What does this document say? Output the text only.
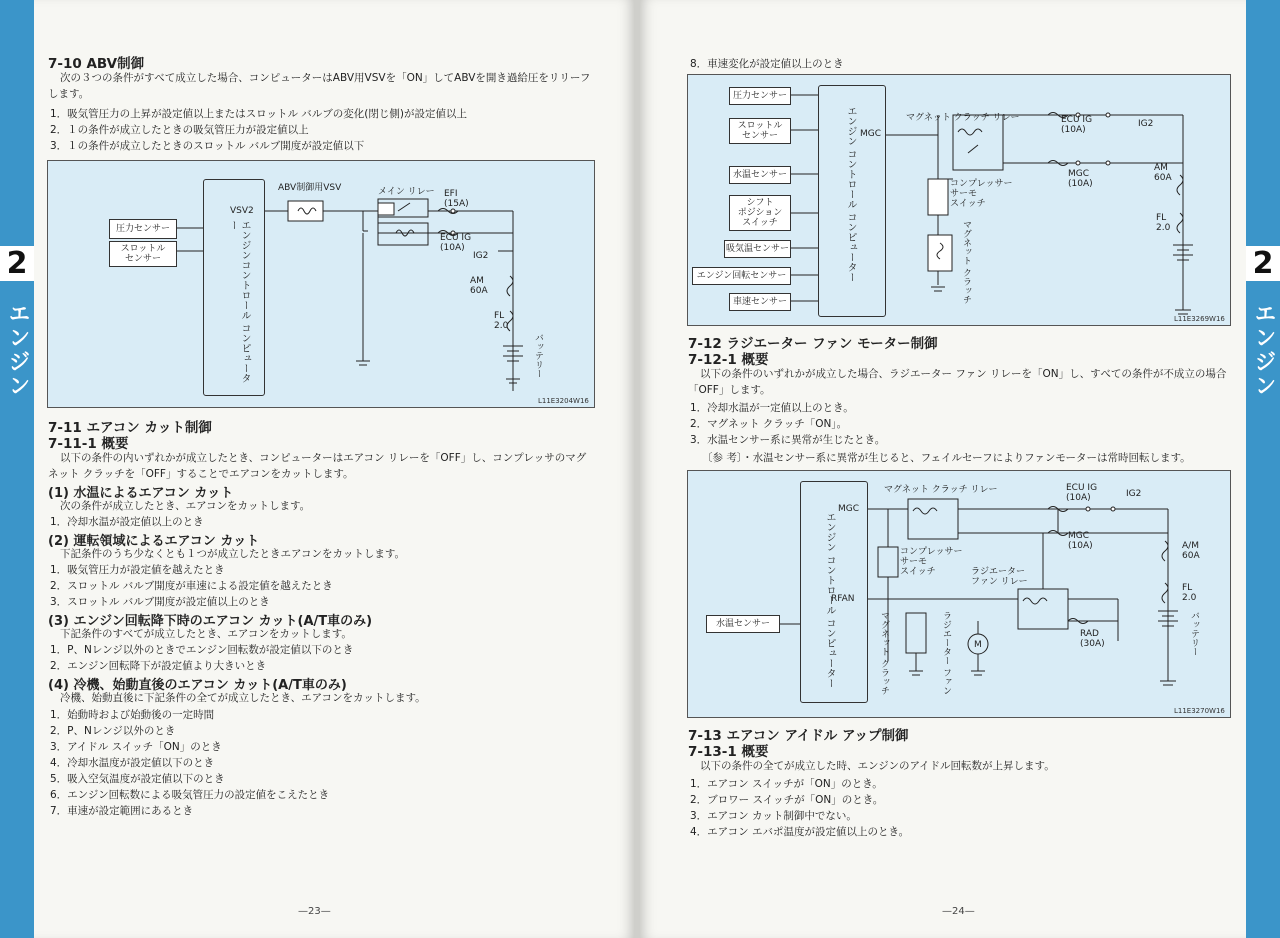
2
エンジン
7-10 ABV制御
次の３つの条件がすべて成立した場合、コンピューターはABV用VSVを「ON」してABVを開き過給圧をリリーフします。
1．吸気管圧力の上昇が設定値以上またはスロットル バルブの変化(閉じ側)が設定値以上
2．１の条件が成立したときの吸気管圧力が設定値以上
3．１の条件が成立したときのスロットル バルブ開度が設定値以下
圧力センサー
スロットル
センサー	エンジンコントロール コンピューター
VSV2
ABV制御用VSV	メイン リレー EFI
(15A)
ECU IG
(10A)
IG2
AM
60A
FL
2.0
バッテリー
L11E3204W16
7-11 エアコン カット制御
7-11-1 概要
以下の条件の内いずれかが成立したとき、コンピューターはエアコン リレーを「OFF」し、コンプレッサのマグネット クラッチを「OFF」することでエアコンをカットします。
(1) 水温によるエアコン カット
次の条件が成立したとき、エアコンをカットします。
1．冷却水温が設定値以上のとき
(2) 運転領域によるエアコン カット
下記条件のうち少なくとも１つが成立したときエアコンをカットします。
1．吸気管圧力が設定値を越えたとき
2．スロットル バルブ開度が車速による設定値を越えたとき
3．スロットル バルブ開度が設定値以上のとき
(3) エンジン回転降下時のエアコン カット(A/T車のみ)
下記条件のすべてが成立したとき、エアコンをカットします。
1．P、Nレンジ以外のときでエンジン回転数が設定値以下のとき
2．エンジン回転降下が設定値より大きいとき
(4) 冷機、始動直後のエアコン カット(A/T車のみ)
冷機、始動直後に下記条件の全てが成立したとき、エアコンをカットします。
1．始動時および始動後の一定時間
2．P、Nレンジ以外のとき
3．アイドル スイッチ「ON」のとき
4．冷却水温度が設定値以下のとき
5．吸入空気温度が設定値以下のとき
6．エンジン回転数による吸気管圧力の設定値をこえたとき
7．車速が設定範囲にあるとき
—23—
8．車速変化が設定値以上のとき
圧力センサー
スロットル
センサー
水温センサー
シフト
ポジション
スイッチ
吸気温センサー
エンジン回転センサー
車速センサー
エンジン コントロール コンピューター MGC
マグネット クラッチ リレー	ECU IG
(10A)
IG2
MGC
(10A)
AM
60A
FL
2.0
コンプレッサー
サーモ
スイッチ
マグネット クラッチ
L11E3269W16
7-12 ラジエーター ファン モーター制御
7-12-1 概要
以下の条件のいずれかが成立した場合、ラジエーター ファン リレーを「ON」し、すべての条件が不成立の場合「OFF」します。
1．冷却水温が一定値以上のとき。
2．マグネット クラッチ「ON」。
3．水温センサー系に異常が生じたとき。
〔参 考〕・水温センサー系に異常が生じると、フェイルセーフによりファンモーターは常時回転します。
水温センサー	エンジン コントロール コンピューター
MGC
RFAN
マグネット クラッチ リレー	ECU IG
(10A)	IG2
MGC
(10A)	A/M
60A
FL
2.0
バッテリー
コンプレッサー
サーモ
スイッチ	ラジエーター
ファン リレー
マグネット クラッチ	ラジエーター ファン	M
RAD
(30A)
L11E3270W16
7-13 エアコン アイドル アップ制御
7-13-1 概要
以下の条件の全てが成立した時、エンジンのアイドル回転数が上昇します。
1．エアコン スイッチが「ON」のとき。
2．ブロワー スイッチが「ON」のとき。
3．エアコン カット制御中でない。
4．エアコン エバポ温度が設定値以上のとき。
—24—
2
エンジン
